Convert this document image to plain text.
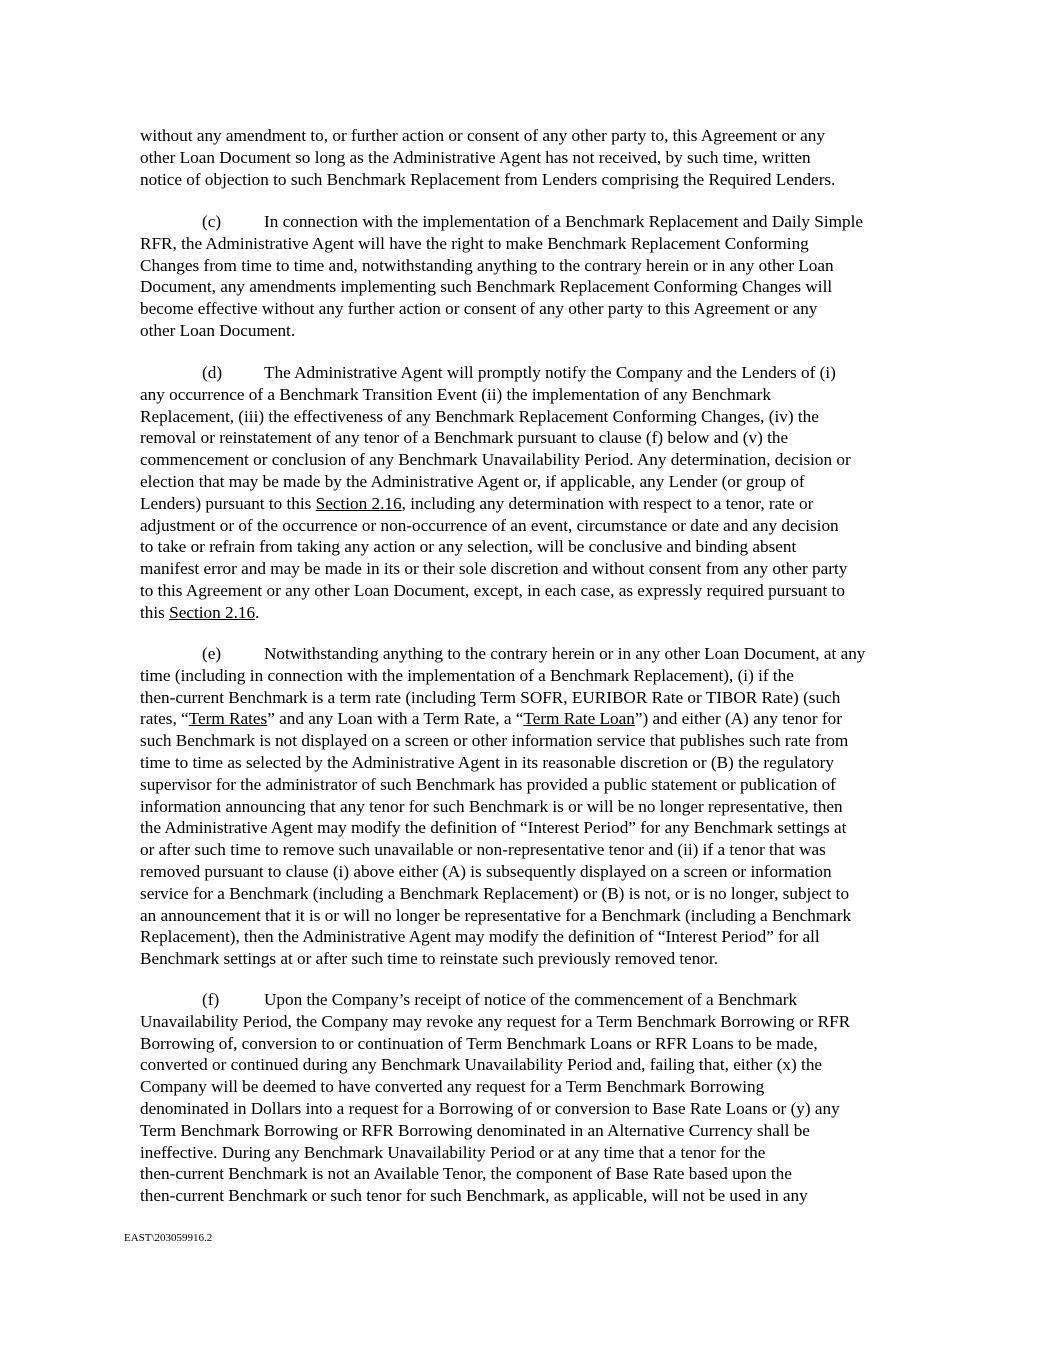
without any amendment to, or further action or consent of any other party to, this Agreement or any
other Loan Document so long as the Administrative Agent has not received, by such time, written
notice of objection to such Benchmark Replacement from Lenders comprising the Required Lenders.

(c) In connection with the implementation of a Benchmark Replacement and Daily Simple
RFR, the Administrative Agent will have the right to make Benchmark Replacement Conforming
Changes from time to time and, notwithstanding anything to the contrary herein or in any other Loan
Document, any amendments implementing such Benchmark Replacement Conforming Changes will
become effective without any further action or consent of any other party to this Agreement or any
other Loan Document.

(d) The Administrative Agent will promptly notify the Company and the Lenders of (i)
any occurrence of a Benchmark Transition Event (ii) the implementation of any Benchmark
Replacement, (iii) the effectiveness of any Benchmark Replacement Conforming Changes, (iv) the
removal or reinstatement of any tenor of a Benchmark pursuant to clause (f) below and (v) the
commencement or conclusion of any Benchmark Unavailability Period. Any determination, decision or
election that may be made by the Administrative Agent or, if applicable, any Lender (or group of
Lenders) pursuant to this Section 2.16, including any determination with respect to a tenor, rate or
adjustment or of the occurrence or non-occurrence of an event, circumstance or date and any decision
to take or refrain from taking any action or any selection, will be conclusive and binding absent
manifest error and may be made in its or their sole discretion and without consent from any other party
to this Agreement or any other Loan Document, except, in each case, as expressly required pursuant to
this Section 2.16.

(e) Notwithstanding anything to the contrary herein or in any other Loan Document, at any
time (including in connection with the implementation of a Benchmark Replacement), (i) if the
then-current Benchmark is a term rate (including Term SOFR, EURIBOR Rate or TIBOR Rate) (such
rates, “Term Rates” and any Loan with a Term Rate, a “Term Rate Loan”) and either (A) any tenor for
such Benchmark is not displayed on a screen or other information service that publishes such rate from
time to time as selected by the Administrative Agent in its reasonable discretion or (B) the regulatory
supervisor for the administrator of such Benchmark has provided a public statement or publication of
information announcing that any tenor for such Benchmark is or will be no longer representative, then
the Administrative Agent may modify the definition of “Interest Period” for any Benchmark settings at
or after such time to remove such unavailable or non-representative tenor and (ii) if a tenor that was
removed pursuant to clause (i) above either (A) is subsequently displayed on a screen or information
service for a Benchmark (including a Benchmark Replacement) or (B) is not, or is no longer, subject to
an announcement that it is or will no longer be representative for a Benchmark (including a Benchmark
Replacement), then the Administrative Agent may modify the definition of “Interest Period” for all
Benchmark settings at or after such time to reinstate such previously removed tenor.

(f)	Upon the Company’s receipt of notice of the commencement of a Benchmark
Unavailability Period, the Company may revoke any request for a Term Benchmark Borrowing or RFR
Borrowing of, conversion to or continuation of Term Benchmark Loans or RFR Loans to be made,
converted or continued during any Benchmark Unavailability Period and, failing that, either (x) the
Company will be deemed to have converted any request for a Term Benchmark Borrowing
denominated in Dollars into a request for a Borrowing of or conversion to Base Rate Loans or (y) any
Term Benchmark Borrowing or RFR Borrowing denominated in an Alternative Currency shall be
ineffective. During any Benchmark Unavailability Period or at any time that a tenor for the
then-current Benchmark is not an Available Tenor, the component of Base Rate based upon the
then-current Benchmark or such tenor for such Benchmark, as applicable, will not be used in any

EAST\203059916.2
